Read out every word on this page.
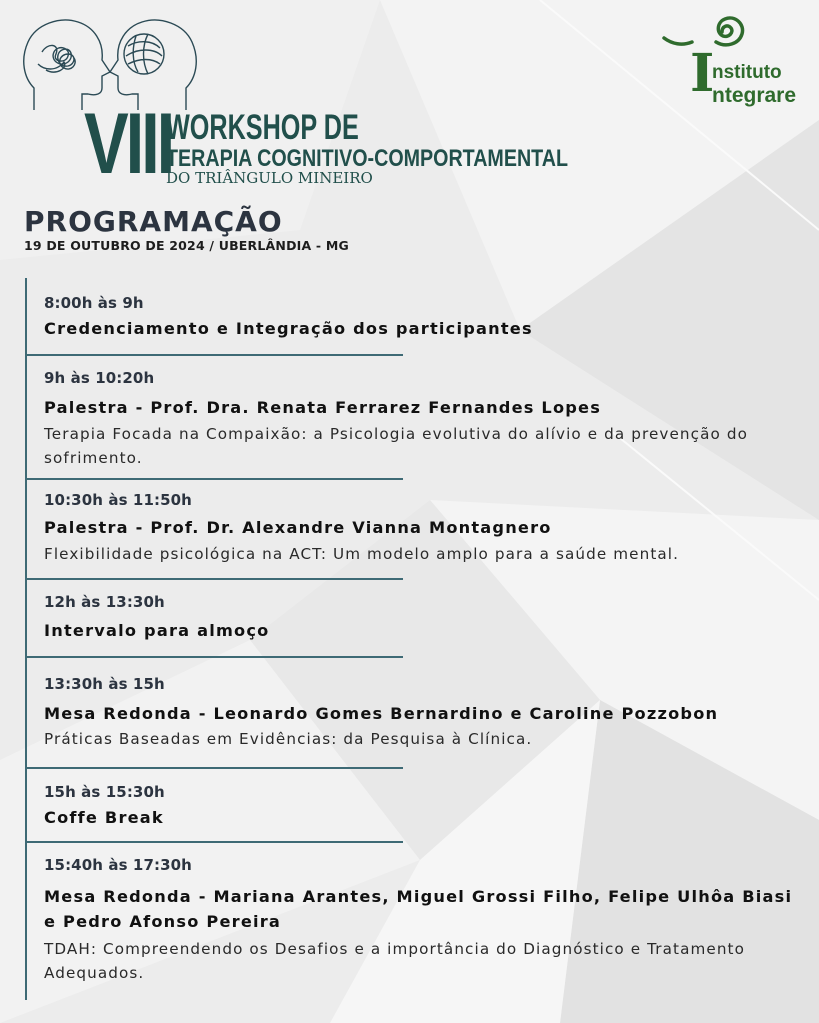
VIII
WORKSHOP DE
TERAPIA COGNITIVO-COMPORTAMENTAL
DO TRIÂNGULO MINEIRO
I
nstituto
ntegrare
PROGRAMAÇÃO
19 DE OUTUBRO DE 2024 / UBERLÂNDIA - MG
8:00h às 9h
Credenciamento e Integração dos participantes
9h às 10:20h
Palestra - Prof. Dra. Renata Ferrarez Fernandes Lopes
Terapia Focada na Compaixão: a Psicologia evolutiva do alívio e da prevenção do sofrimento.
10:30h às 11:50h
Palestra - Prof. Dr. Alexandre Vianna Montagnero
Flexibilidade psicológica na ACT: Um modelo amplo para a saúde mental.
12h às 13:30h
Intervalo para almoço
13:30h às 15h
Mesa Redonda - Leonardo Gomes Bernardino e Caroline Pozzobon
Práticas Baseadas em Evidências: da Pesquisa à Clínica.
15h às 15:30h
Coffe Break
15:40h às 17:30h
Mesa Redonda - Mariana Arantes, Miguel Grossi Filho, Felipe Ulhôa Biasi e Pedro Afonso Pereira
TDAH: Compreendendo os Desafios e a importância do Diagnóstico e Tratamento Adequados.
